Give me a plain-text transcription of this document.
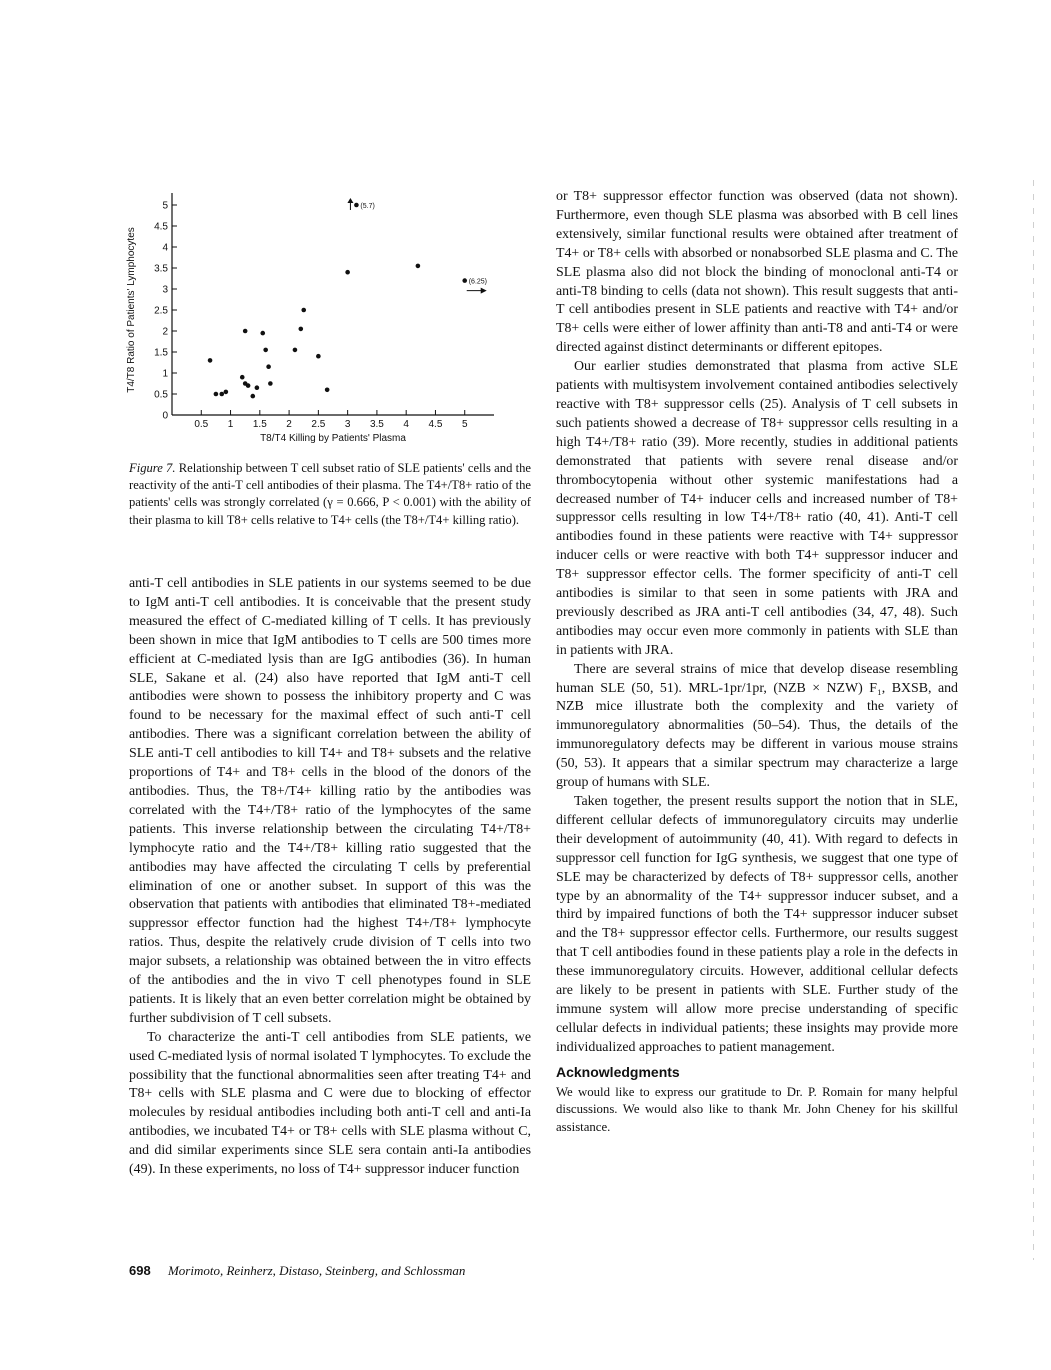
0
0.5
1
1.5
2
2.5
3
3.5
4
4.5
5
0.5 1 1.5 2 2.5 3 3.5 4 4.5 5
T8/T4 Killing by Patients' Plasma
T4/T8 Ratio of Patients' Lymphocytes
(5.7)
(6.25)
Figure 7. Relationship between T cell subset ratio of SLE patients' cells and the reactivity of the anti-T cell antibodies of their plasma. The T4+/T8+ ratio of the patients' cells was strongly correlated (γ = 0.666, P < 0.001) with the ability of their plasma to kill T8+ cells relative to T4+ cells (the T8+/T4+ killing ratio).

anti-T cell antibodies in SLE patients in our systems seemed to be due to IgM anti-T cell antibodies. It is conceivable that the present study measured the effect of C-mediated killing of T cells. It has previously been shown in mice that IgM antibodies to T cells are 500 times more efficient at C-mediated lysis than are IgG antibodies (36). In human SLE, Sakane et al. (24) also have reported that IgM anti-T cell antibodies were shown to possess the inhibitory property and C was found to be necessary for the maximal effect of such anti-T cell antibodies. There was a significant correlation between the ability of SLE anti-T cell antibodies to kill T4+ and T8+ subsets and the relative proportions of T4+ and T8+ cells in the blood of the donors of the antibodies. Thus, the T8+/T4+ killing ratio by the antibodies was correlated with the T4+/T8+ ratio of the lymphocytes of the same patients. This inverse relationship between the circulating T4+/T8+ lymphocyte ratio and the T4+/T8+ killing ratio suggested that the antibodies may have affected the circulating T cells by preferential elimination of one or another subset. In support of this was the observation that patients with antibodies that eliminated T8+-mediated suppressor effector function had the highest T4+/T8+ lymphocyte ratios. Thus, despite the relatively crude division of T cells into two major subsets, a relationship was obtained between the in vitro effects of the antibodies and the in vivo T cell phenotypes found in SLE patients. It is likely that an even better correlation might be obtained by further subdivision of T cell subsets.

To characterize the anti-T cell antibodies from SLE patients, we used C-mediated lysis of normal isolated T lymphocytes. To exclude the possibility that the functional abnormalities seen after treating T4+ and T8+ cells with SLE plasma and C were due to blocking of effector molecules by residual antibodies including both anti-T cell and anti-Ia antibodies, we incubated T4+ or T8+ cells with SLE plasma without C, and did similar experiments since SLE sera contain anti-Ia antibodies (49). In these experiments, no loss of T4+ suppressor inducer function

or T8+ suppressor effector function was observed (data not shown). Furthermore, even though SLE plasma was absorbed with B cell lines extensively, similar functional results were obtained after treatment of T4+ or T8+ cells with absorbed or nonabsorbed SLE plasma and C. The SLE plasma also did not block the binding of monoclonal anti-T4 or anti-T8 binding to cells (data not shown). This result suggests that anti-T cell antibodies present in SLE patients and reactive with T4+ and/or T8+ cells were either of lower affinity than anti-T8 and anti-T4 or were directed against distinct determinants or different epitopes.

Our earlier studies demonstrated that plasma from active SLE patients with multisystem involvement contained antibodies selectively reactive with T8+ suppressor cells (25). Analysis of T cell subsets in such patients showed a decrease of T8+ suppressor cells resulting in a high T4+/T8+ ratio (39). More recently, studies in additional patients demonstrated that patients with severe renal disease and/or thrombocytopenia without other systemic manifestations had a decreased number of T4+ inducer cells and increased number of T8+ suppressor cells resulting in low T4+/T8+ ratio (40, 41). Anti-T cell antibodies found in these patients were reactive with T4+ suppressor inducer cells or were reactive with both T4+ suppressor inducer and T8+ suppressor effector cells. The former specificity of anti-T cell antibodies is similar to that seen in some patients with JRA and previously described as JRA anti-T cell antibodies (34, 47, 48). Such antibodies may occur even more commonly in patients with SLE than in patients with JRA.

There are several strains of mice that develop disease resembling human SLE (50, 51). MRL-1pr/1pr, (NZB × NZW) F₁, BXSB, and NZB mice illustrate both the complexity and the variety of immunoregulatory abnormalities (50–54). Thus, the details of the immunoregulatory defects may be different in various mouse strains (50, 53). It appears that a similar spectrum may characterize a large group of humans with SLE.

Taken together, the present results support the notion that in SLE, different cellular defects of immunoregulatory circuits may underlie their development of autoimmunity (40, 41). With regard to defects in suppressor cell function for IgG synthesis, we suggest that one type of SLE may be characterized by defects of T8+ suppressor cells, another type by an abnormality of the T4+ suppressor inducer subset, and a third by impaired functions of both the T4+ suppressor inducer subset and the T8+ suppressor effector cells. Furthermore, our results suggest that T cell antibodies found in these patients play a role in the defects in these immunoregulatory circuits. However, additional cellular defects are likely to be present in patients with SLE. Further study of the immune system will allow more precise understanding of specific cellular defects in individual patients; these insights may provide more individualized approaches to patient management.

Acknowledgments

We would like to express our gratitude to Dr. P. Romain for many helpful discussions. We would also like to thank Mr. John Cheney for his skillful assistance.

698 Morimoto, Reinherz, Distaso, Steinberg, and Schlossman
